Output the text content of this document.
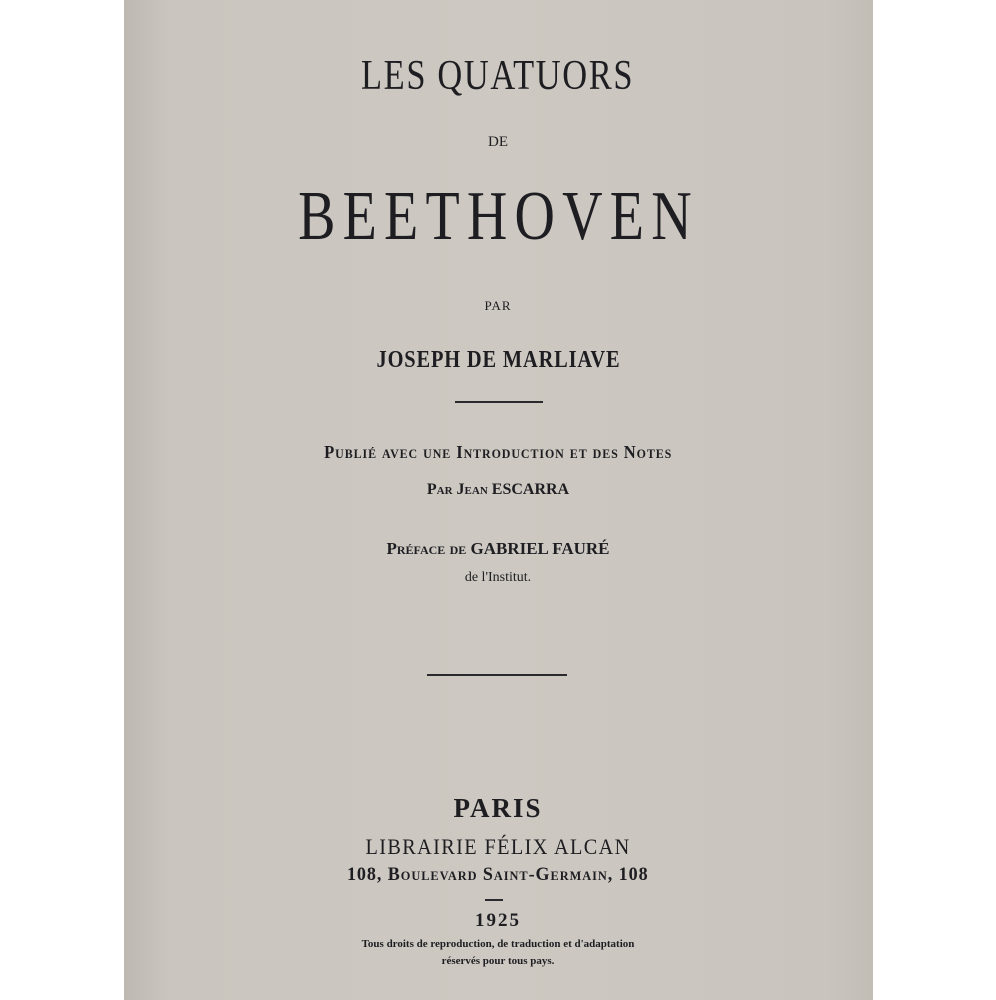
LES QUATUORS
DE
BEETHOVEN
PAR
JOSEPH DE MARLIAVE
Publié avec une Introduction et des Notes
Par Jean ESCARRA
Préface de GABRIEL FAURÉ
de l'Institut.
PARIS
LIBRAIRIE FÉLIX ALCAN
108, Boulevard Saint-Germain, 108
1925
Tous droits de reproduction, de traduction et d'adaptation
réservés pour tous pays.
